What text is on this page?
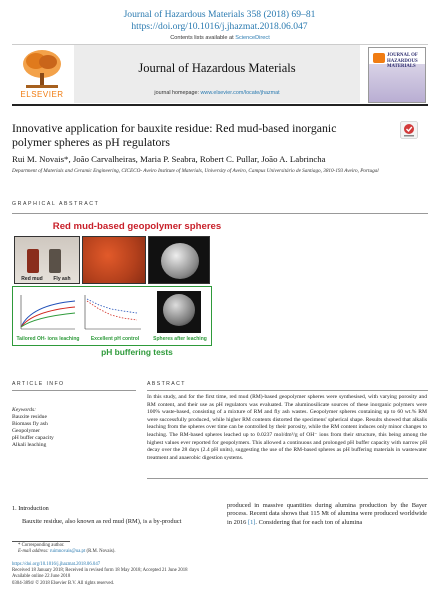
Journal of Hazardous Materials 358 (2018) 69–81
https://doi.org/10.1016/j.jhazmat.2018.06.047
Contents lists available at ScienceDirect
ELSEVIER
Journal of Hazardous Materials
journal homepage: www.elsevier.com/locate/jhazmat
JOURNAL OF HAZARDOUS MATERIALS
Innovative application for bauxite residue: Red mud-based inorganic polymer spheres as pH regulators
Rui M. Novais*, João Carvalheiras, Maria P. Seabra, Robert C. Pullar, João A. Labrincha
Department of Materials and Ceramic Engineering, CICECO- Aveiro Institute of Materials, University of Aveiro, Campus Universitário de Santiago, 3810-193 Aveiro, Portugal
GRAPHICAL ABSTRACT
Red mud-based geopolymer spheres
Red mud	Fly ash
Tailored OH- ions leaching	Excellent pH control	Spheres after leaching
pH buffering tests
ARTICLE INFO	ABSTRACT
Keywords:
Bauxite residue
Biomass fly ash
Geopolymer
pH buffer capacity
Alkali leaching
In this study, and for the first time, red mud (RM)-based geopolymer spheres were synthesised, with varying porosity and RM content, and their use as pH regulators was evaluated. The aluminosilicate sources of these inorganic polymers were 100% waste-based, consisting of a mixture of RM and fly ash wastes. Geopolymer spheres containing up to 60 wt.% RM were successfully produced, while higher RM contents distorted the specimens' spherical shape. Results showed that alkalis leaching from the spheres over time can be controlled by their porosity, while the RM content induces only minor changes to leaching. The RM-based spheres leached up to 0.0237 mol/dm³/g of OH⁻ ions from their structure, this being among the highest values ever reported for geopolymers. This allowed a continuous and prolonged pH buffer capacity with narrow pH decay over the 28 days (2.4 pH units), suggesting the use of the RM-based spheres as pH buffering materials in wastewater treatment and anaerobic digestion systems.
1. Introduction
Bauxite residue, also known as red mud (RM), is a by-product
produced in massive quantities during alumina production by the Bayer process. Recent data shows that 115 Mt of alumina were produced worldwide in 2016 [1]. Considering that for each ton of alumina
* Corresponding author.
E-mail address: ruimnovais@ua.pt (R.M. Novais).
https://doi.org/10.1016/j.jhazmat.2018.06.047
Received 18 January 2018; Received in revised form 18 May 2018; Accepted 21 June 2018
Available online 22 June 2018
0304-3894/ © 2018 Elsevier B.V. All rights reserved.
